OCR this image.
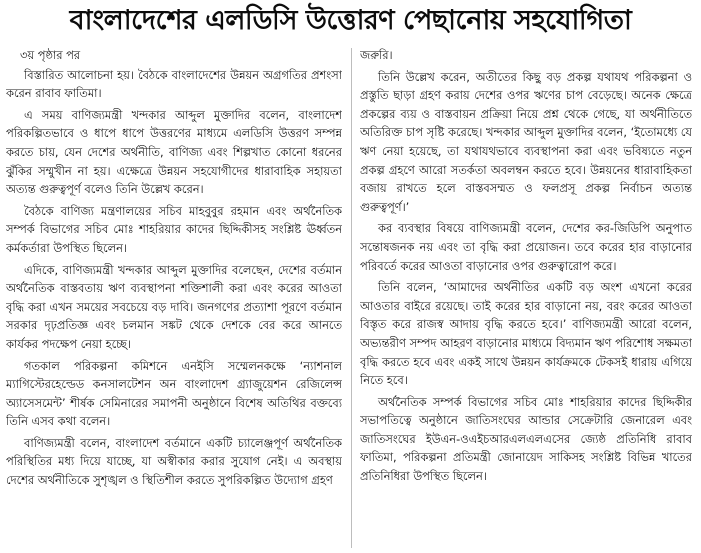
বাংলাদেশের এলডিসি উত্তোরণ পেছানোয় সহযোগিতা

৩য় পৃষ্ঠার পর

বিস্তারিত আলোচনা হয়। বৈঠকে বাংলাদেশের উন্নয়ন অগ্রগতির প্রশংসা করেন রাবাব ফাতিমা।

এ সময় বাণিজ্যমন্ত্রী খন্দকার আব্দুল মুক্তাদির বলেন, বাংলাদেশ পরিকল্পিতভাবে ও ধাপে ধাপে উত্তরণের মাধ্যমে এলডিসি উত্তরণ সম্পন্ন করতে চায়, যেন দেশের অর্থনীতি, বাণিজ্য এবং শিল্পখাত কোনো ধরনের ঝুঁকির সম্মুখীন না হয়। এক্ষেত্রে উন্নয়ন সহযোগীদের ধারাবাহিক সহায়তা অত্যন্ত গুরুত্বপূর্ণ বলেও তিনি উল্লেখ করেন।

বৈঠকে বাণিজ্য মন্ত্রণালয়ের সচিব মাহবুবুর রহমান এবং অর্থনৈতিক সম্পর্ক বিভাগের সচিব মোঃ শাহরিয়ার কাদের ছিদ্দিকীসহ সংশ্লিষ্ট ঊর্ধ্বতন কর্মকর্তারা উপস্থিত ছিলেন।

এদিকে, বাণিজ্যমন্ত্রী খন্দকার আব্দুল মুক্তাদির বলেছেন, দেশের বর্তমান অর্থনৈতিক বাস্তবতায় ঋণ ব্যবস্থাপনা শক্তিশালী করা এবং করের আওতা বৃদ্ধি করা এখন সময়ের সবচেয়ে বড় দাবি। জনগণের প্রত্যাশা পূরণে বর্তমান সরকার দৃঢ়প্রতিজ্ঞ এবং চলমান সঙ্কট থেকে দেশকে বের করে আনতে কার্যকর পদক্ষেপ নেয়া হচ্ছে।

গতকাল পরিকল্পনা কমিশনে এনইসি সম্মেলনকক্ষে ‘ন্যাশনাল ম্যাগিস্টেরহেল্ডেড কনসালটেশন অন বাংলাদেশ গ্র্যাজুয়েশন রেজিলেন্স অ্যাসেসমেন্ট’ শীর্ষক সেমিনারের সমাপনী অনুষ্ঠানে বিশেষ অতিথির বক্তব্যে তিনি এসব কথা বলেন।

বাণিজ্যমন্ত্রী বলেন, বাংলাদেশ বর্তমানে একটি চ্যালেঞ্জপূর্ণ অর্থনৈতিক পরিস্থিতির মধ্য দিয়ে যাচ্ছে, যা অস্বীকার করার সুযোগ নেই। এ অবস্থায় দেশের অর্থনীতিকে সুশৃঙ্খল ও স্থিতিশীল করতে সুপরিকল্পিত উদ্যোগ গ্রহণ

জরুরি।

তিনি উল্লেখ করেন, অতীতের কিছু বড় প্রকল্প যথাযথ পরিকল্পনা ও প্রস্তুতি ছাড়া গ্রহণ করায় দেশের ওপর ঋণের চাপ বেড়েছে। অনেক ক্ষেত্রে প্রকল্পের ব্যয় ও বাস্তবায়ন প্রক্রিয়া নিয়ে প্রশ্ন থেকে গেছে, যা অর্থনীতিতে অতিরিক্ত চাপ সৃষ্টি করেছে। খন্দকার আব্দুল মুক্তাদির বলেন, ‘ইতোমধ্যে যে ঋণ নেয়া হয়েছে, তা যথাযথভাবে ব্যবস্থাপনা করা এবং ভবিষ্যতে নতুন প্রকল্প গ্রহণে আরো সতর্কতা অবলম্বন করতে হবে। উন্নয়নের ধারাবাহিকতা বজায় রাখতে হলে বাস্তবসম্মত ও ফলপ্রসূ প্রকল্প নির্বাচন অত্যন্ত গুরুত্বপূর্ণ।’

কর ব্যবস্থার বিষয়ে বাণিজ্যমন্ত্রী বলেন, দেশের কর-জিডিপি অনুপাত সন্তোষজনক নয় এবং তা বৃদ্ধি করা প্রয়োজন। তবে করের হার বাড়ানোর পরিবর্তে করের আওতা বাড়ানোর ওপর গুরুত্বারোপ করে।

তিনি বলেন, ‘আমাদের অর্থনীতির একটি বড় অংশ এখনো করের আওতার বাইরে রয়েছে। তাই করের হার বাড়ানো নয়, বরং করের আওতা বিস্তৃত করে রাজস্ব আদায় বৃদ্ধি করতে হবে।’ বাণিজ্যমন্ত্রী আরো বলেন, অভ্যন্তরীণ সম্পদ আহরণ বাড়ানোর মাধ্যমে বিদ্যমান ঋণ পরিশোধ সক্ষমতা বৃদ্ধি করতে হবে এবং একই সাথে উন্নয়ন কার্যক্রমকে টেকসই ধারায় এগিয়ে নিতে হবে।

অর্থনৈতিক সম্পর্ক বিভাগের সচিব মোঃ শাহরিয়ার কাদের ছিদ্দিকীর সভাপতিত্বে অনুষ্ঠানে জাতিসংঘের আন্ডার সেক্রেটারি জেনারেল এবং জাতিসংঘের ইউএন-ওএইচআরএলএলএসের জ্যেষ্ঠ প্রতিনিধি রাবাব ফাতিমা, পরিকল্পনা প্রতিমন্ত্রী জোনায়েদ সাকিসহ সংশ্লিষ্ট বিভিন্ন খাতের প্রতিনিধিরা উপস্থিত ছিলেন।
